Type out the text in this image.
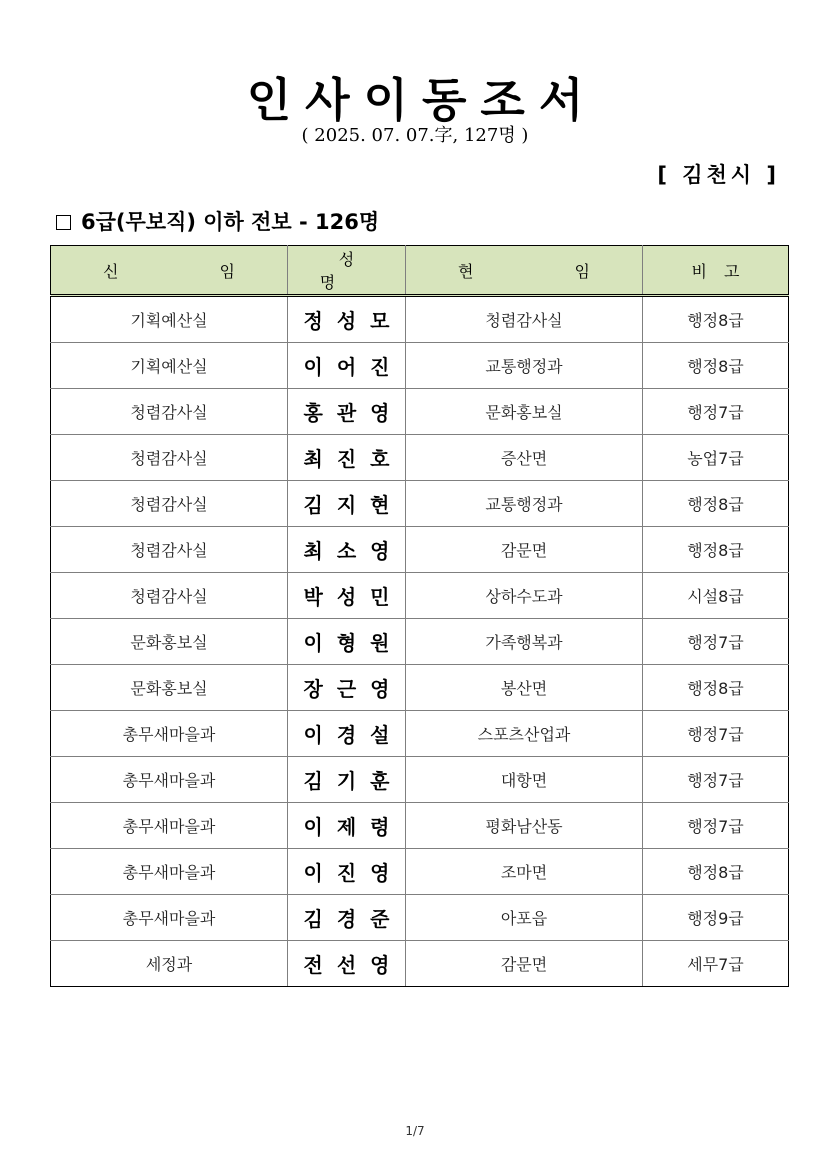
인사이동조서
( 2025. 07. 07.字, 127명 )
[ 김천시 ]
6급(무보직) 이하 전보 - 126명
신 임	성 명	현 임	비 고
기획예산실	정성모	청렴감사실	행정8급
기획예산실	이어진	교통행정과	행정8급
청렴감사실	홍관영	문화홍보실	행정7급
청렴감사실	최진호	증산면	농업7급
청렴감사실	김지현	교통행정과	행정8급
청렴감사실	최소영	감문면	행정8급
청렴감사실	박성민	상하수도과	시설8급
문화홍보실	이형원	가족행복과	행정7급
문화홍보실	장근영	봉산면	행정8급
총무새마을과	이경설	스포츠산업과	행정7급
총무새마을과	김기훈	대항면	행정7급
총무새마을과	이제령	평화남산동	행정7급
총무새마을과	이진영	조마면	행정8급
총무새마을과	김경준	아포읍	행정9급
세정과	전선영	감문면	세무7급
1/7
